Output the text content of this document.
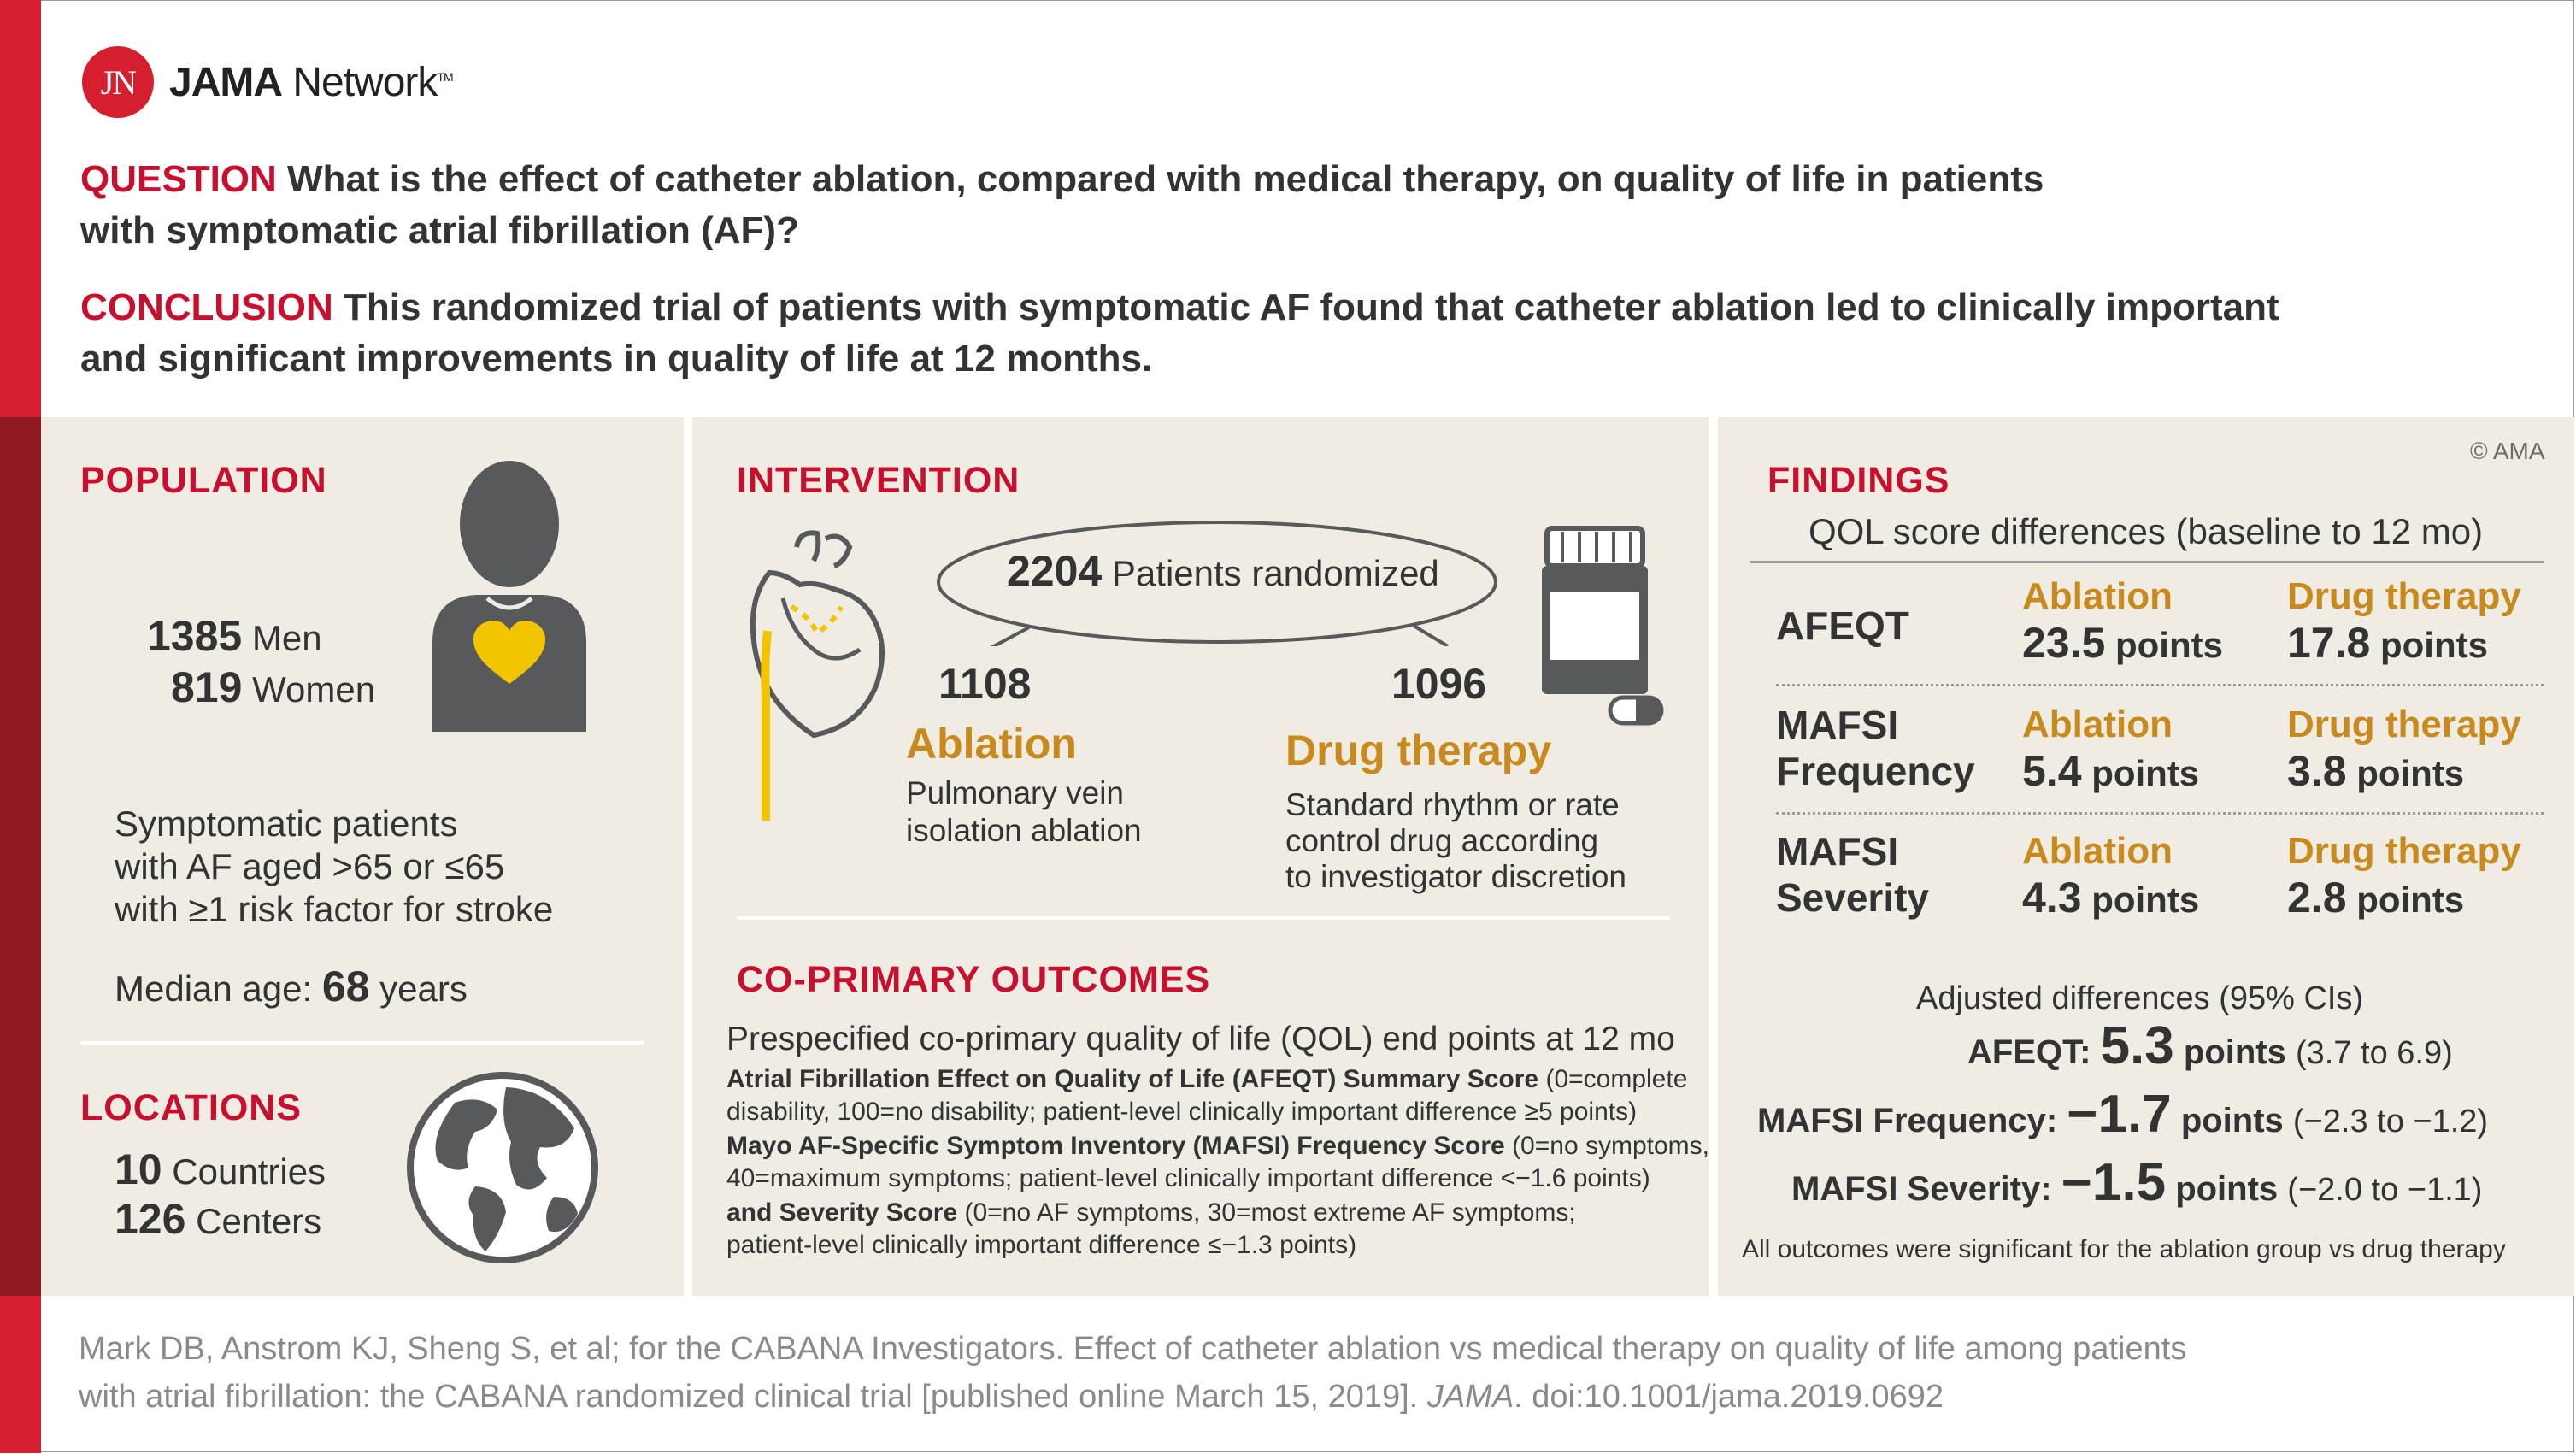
JN JAMA Network™
QUESTION What is the effect of catheter ablation, compared with medical therapy, on quality of life in patients
with symptomatic atrial fibrillation (AF)?
CONCLUSION This randomized trial of patients with symptomatic AF found that catheter ablation led to clinically important
and significant improvements in quality of life at 12 months.
POPULATION
1385 Men
819 Women
Symptomatic patients
with AF aged >65 or ≤65
with ≥1 risk factor for stroke
Median age: 68 years
LOCATIONS
10 Countries
126 Centers
INTERVENTION
2204 Patients randomized
1108
Ablation
Pulmonary vein
isolation ablation
1096
Drug therapy
Standard rhythm or rate
control drug according
to investigator discretion
CO-PRIMARY OUTCOMES
Prespecified co-primary quality of life (QOL) end points at 12 mo
Atrial Fibrillation Effect on Quality of Life (AFEQT) Summary Score (0=complete
disability, 100=no disability; patient-level clinically important difference ≥5 points)
Mayo AF-Specific Symptom Inventory (MAFSI) Frequency Score (0=no symptoms,
40=maximum symptoms; patient-level clinically important difference <−1.6 points)
and Severity Score (0=no AF symptoms, 30=most extreme AF symptoms;
patient-level clinically important difference ≤−1.3 points)
© AMA
FINDINGS
QOL score differences (baseline to 12 mo)
AFEQT
Ablation
23.5 points
Drug therapy
17.8 points
MAFSI
Frequency
Ablation
5.4 points
Drug therapy
3.8 points
MAFSI
Severity
Ablation
4.3 points
Drug therapy
2.8 points
Adjusted differences (95% CIs)
AFEQT: 5.3 points (3.7 to 6.9)
MAFSI Frequency: −1.7 points (−2.3 to −1.2)
MAFSI Severity: −1.5 points (−2.0 to −1.1)
All outcomes were significant for the ablation group vs drug therapy
Mark DB, Anstrom KJ, Sheng S, et al; for the CABANA Investigators. Effect of catheter ablation vs medical therapy on quality of life among patients
with atrial fibrillation: the CABANA randomized clinical trial [published online March 15, 2019]. JAMA. doi:10.1001/jama.2019.0692
